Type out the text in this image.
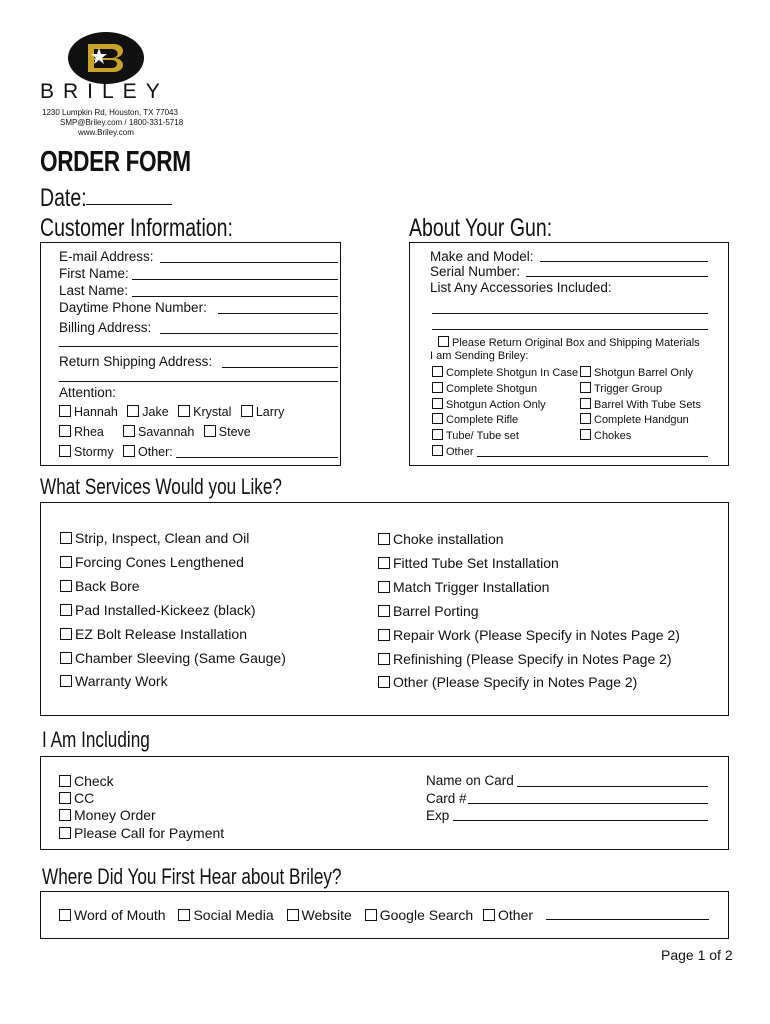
BRILEY
1230 Lumpkin Rd, Houston, TX 77043
SMP@Briley.com / 1800-331-5718
www.Briley.com
ORDER FORM
Date:
Customer Information:
E-mail Address:
First Name:
Last Name:
Daytime Phone Number:
Billing Address:
Return Shipping Address:
Attention:
Hannah Jake Krystal Larry
Rhea	Savannah Steve
Stormy	Other:
About Your Gun:
Make and Model:
Serial Number:
List Any Accessories Included:
Please Return Original Box and Shipping Materials
I am Sending Briley:
Complete Shotgun In Case
Complete Shotgun
Shotgun Action Only
Complete Rifle
Tube/ Tube set
Other
Shotgun Barrel Only
Trigger Group
Barrel With Tube Sets
Complete Handgun
Chokes
What Services Would you Like?
Strip, Inspect, Clean and Oil
Forcing Cones Lengthened
Back Bore
Pad Installed-Kickeez (black)
EZ Bolt Release Installation
Chamber Sleeving (Same Gauge)
Warranty Work
Choke installation
Fitted Tube Set Installation
Match Trigger Installation
Barrel Porting
Repair Work (Please Specify in Notes Page 2)
Refinishing (Please Specify in Notes Page 2)
Other (Please Specify in Notes Page 2)
I Am Including
Check
CC
Money Order
Please Call for Payment
Name on Card
Card #
Exp
Where Did You First Hear about Briley?
Word of Mouth Social Media Website Google Search Other
Page 1 of 2
